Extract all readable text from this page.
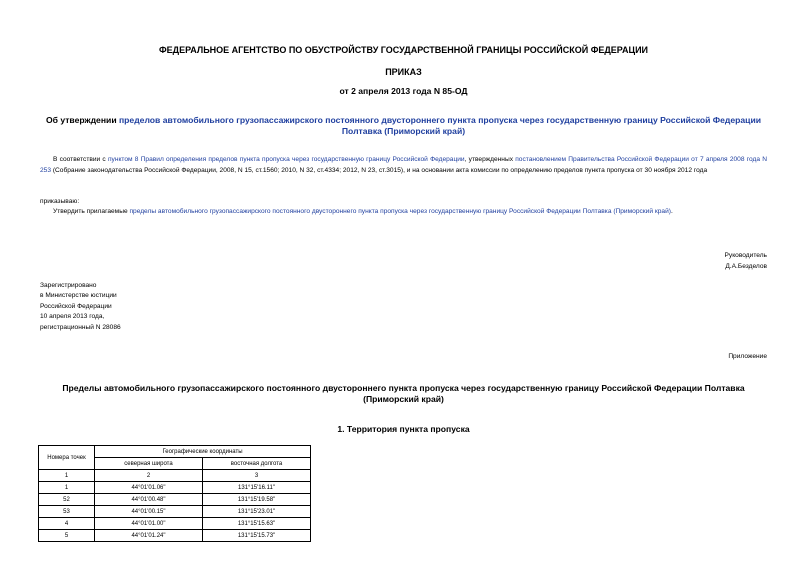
ФЕДЕРАЛЬНОЕ АГЕНТСТВО ПО ОБУСТРОЙСТВУ ГОСУДАРСТВЕННОЙ ГРАНИЦЫ РОССИЙСКОЙ ФЕДЕРАЦИИ
ПРИКАЗ
от 2 апреля 2013 года N 85-ОД
Об утверждении пределов автомобильного грузопассажирского постоянного двустороннего пункта пропуска через государственную границу Российской Федерации Полтавка (Приморский край)
В соответствии с пунктом 8 Правил определения пределов пункта пропуска через государственную границу Российской Федерации, утвержденных постановлением Правительства Российской Федерации от 7 апреля 2008 года N 253 (Собрание законодательства Российской Федерации, 2008, N 15, ст.1560; 2010, N 32, ст.4334; 2012, N 23, ст.3015), и на основании акта комиссии по определению пределов пункта пропуска от 30 ноября 2012 года
приказываю:
Утвердить прилагаемые пределы автомобильного грузопассажирского постоянного двустороннего пункта пропуска через государственную границу Российской Федерации Полтавка (Приморский край).
Руководитель
Д.А.Безделов
Зарегистрировано
в Министерстве юстиции
Российской Федерации
10 апреля 2013 года,
регистрационный N 28086
Приложение
Пределы автомобильного грузопассажирского постоянного двустороннего пункта пропуска через государственную границу Российской Федерации Полтавка (Приморский край)
1. Территория пункта пропуска
Номера точек	Географические координаты	
	северная широта	восточная долгота
1	2	3
1	44°01'01.06"	131°15'16.11"
52	44°01'00.48"	131°15'19.58"
53	44°01'00.15"	131°15'23.01"
4	44°01'01.00"	131°15'15.63"
5	44°01'01.24"	131°15'15.73"
